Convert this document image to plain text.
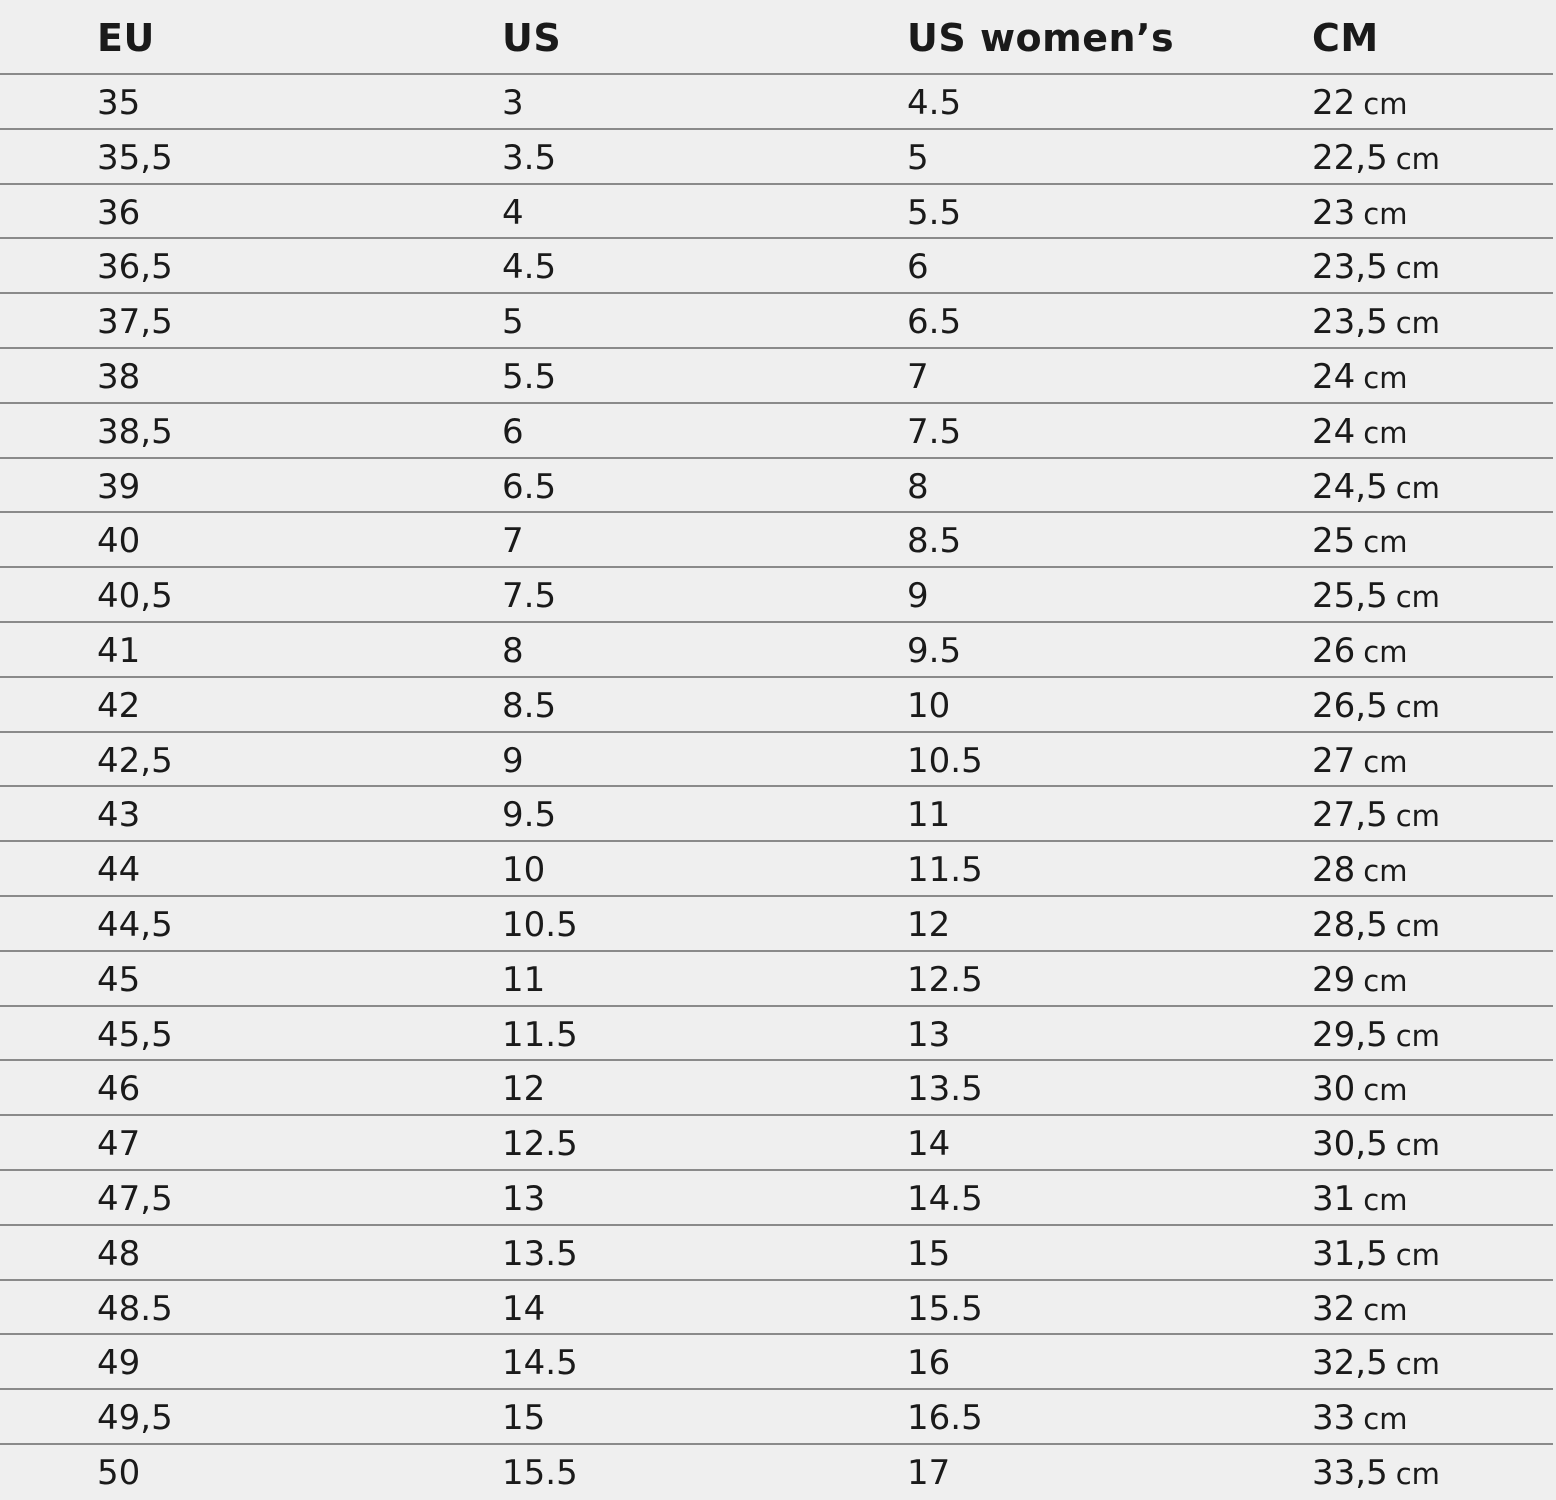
EU	US	US women’s	CM
35	3	4.5	22 cm
35,5	3.5	5	22,5 cm
36	4	5.5	23 cm
36,5	4.5	6	23,5 cm
37,5	5	6.5	23,5 cm
38	5.5	7	24 cm
38,5	6	7.5	24 cm
39	6.5	8	24,5 cm
40	7	8.5	25 cm
40,5	7.5	9	25,5 cm
41	8	9.5	26 cm
42	8.5	10	26,5 cm
42,5	9	10.5	27 cm
43	9.5	11	27,5 cm
44	10	11.5	28 cm
44,5	10.5	12	28,5 cm
45	11	12.5	29 cm
45,5	11.5	13	29,5 cm
46	12	13.5	30 cm
47	12.5	14	30,5 cm
47,5	13	14.5	31 cm
48	13.5	15	31,5 cm
48.5	14	15.5	32 cm
49	14.5	16	32,5 cm
49,5	15	16.5	33 cm
50	15.5	17	33,5 cm
